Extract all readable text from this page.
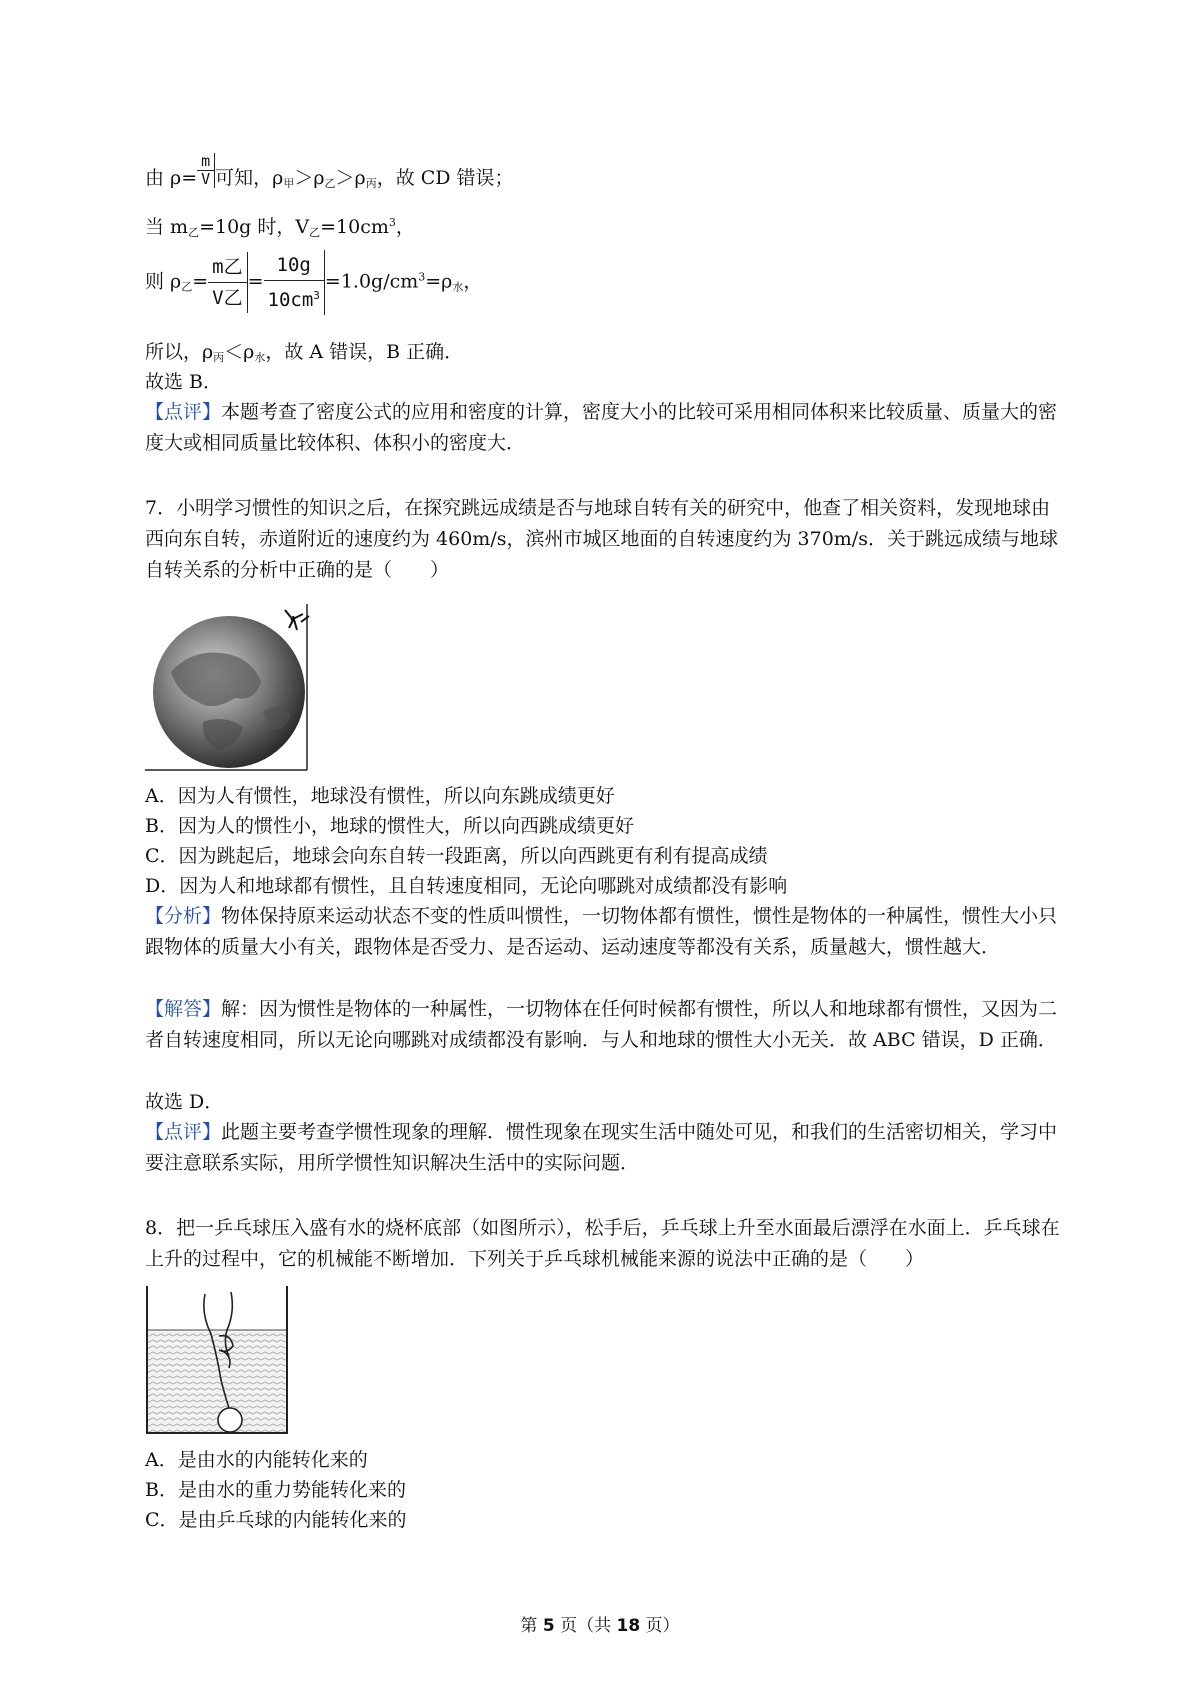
由 $\rho= \frac{m}{V}$ 可知，$\rho_甲>\rho_乙>\rho_丙$，故 CD 错误；
当 $m_乙=10g$ 时，$V_乙=10cm^3$，
则 $\rho_乙= \frac{\text{m乙}}{\text{V乙}} = \frac{10g}{10cm^3} =1.0g/cm^3=\rho_水$，
所以，$\rho_丙<\rho_水$，故 A 错误，B 正确．
故选 B．
【点评】本题考查了密度公式的应用和密度的计算，密度大小的比较可采用相同体积来比较质量、质量大的密度大或相同质量比较体积、体积小的密度大．
7．小明学习惯性的知识之后，在探究跳远成绩是否与地球自转有关的研究中，他查了相关资料，发现地球由西向东自转，赤道附近的速度约为 460m/s，滨州市城区地面的自转速度约为 370m/s．关于跳远成绩与地球自转关系的分析中正确的是（　　）
A．因为人有惯性，地球没有惯性，所以向东跳成绩更好
B．因为人的惯性小，地球的惯性大，所以向西跳成绩更好
C．因为跳起后，地球会向东自转一段距离，所以向西跳更有利有提高成绩
D．因为人和地球都有惯性，且自转速度相同，无论向哪跳对成绩都没有影响
【分析】物体保持原来运动状态不变的性质叫惯性，一切物体都有惯性，惯性是物体的一种属性，惯性大小只跟物体的质量大小有关，跟物体是否受力、是否运动、运动速度等都没有关系，质量越大，惯性越大．
【解答】解：因为惯性是物体的一种属性，一切物体在任何时候都有惯性，所以人和地球都有惯性，又因为二者自转速度相同，所以无论向哪跳对成绩都没有影响．与人和地球的惯性大小无关．故 ABC 错误，D 正确．
故选 D．
【点评】此题主要考查学惯性现象的理解．惯性现象在现实生活中随处可见，和我们的生活密切相关，学习中要注意联系实际，用所学惯性知识解决生活中的实际问题．
8．把一乒乓球压入盛有水的烧杯底部（如图所示），松手后，乒乓球上升至水面最后漂浮在水面上．乒乓球在上升的过程中，它的机械能不断增加．下列关于乒乓球机械能来源的说法中正确的是（　　）
A．是由水的内能转化来的
B．是由水的重力势能转化来的
C．是由乒乓球的内能转化来的
第 5 页（共 18 页）
